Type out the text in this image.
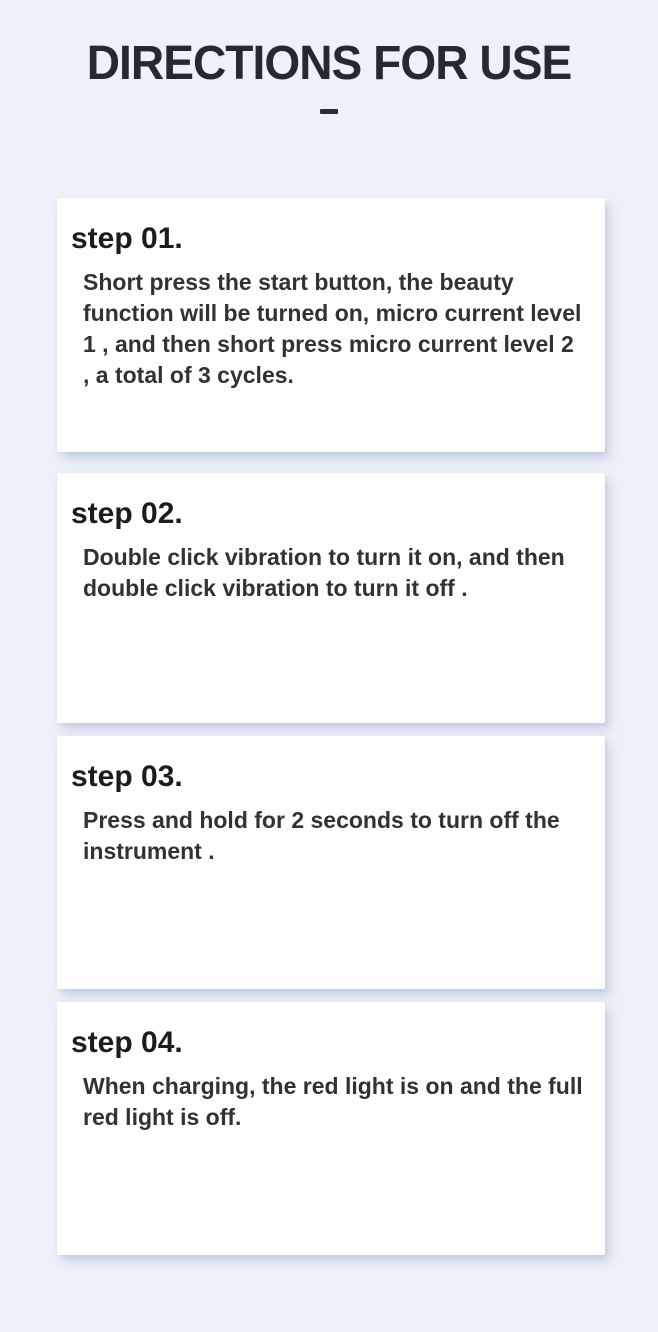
DIRECTIONS FOR USE
step 01.

Short press the start button, the beauty function will be turned on, micro current level 1 , and then short press micro current level 2 , a total of 3 cycles.

step 02.

Double click vibration to turn it on, and then double click vibration to turn it off .

step 03.

Press and hold for 2 seconds to turn off the instrument .

step 04.

When charging, the red light is on and the full red light is off.
